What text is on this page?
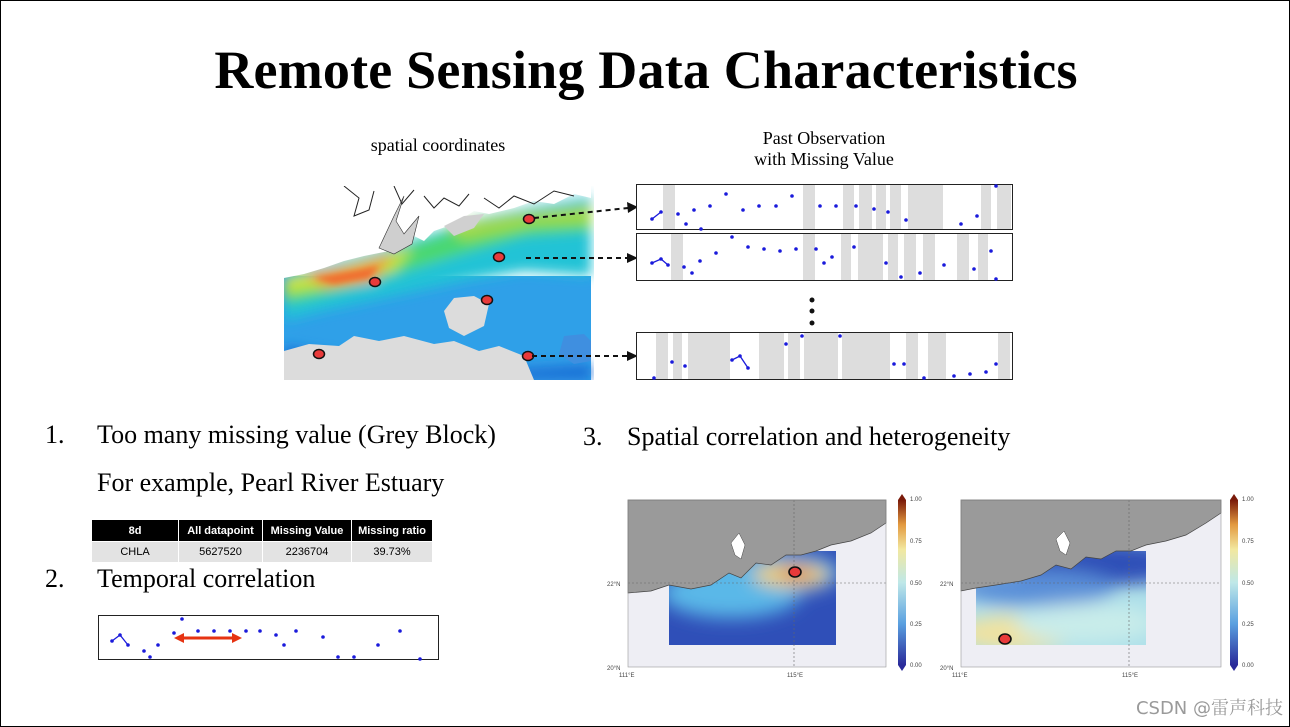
Remote Sensing Data Characteristics
spatial coordinates	Past Observation
with Missing Value
1. Too many missing value (Grey Block)
For example, Pearl River Estuary
8d	All datapoint	Missing Value	Missing ratio
CHLA	5627520	2236704	39.73%
2. Temporal correlation
3. Spatial correlation and heterogeneity
1.00
0.75
0.50
0.25
0.00
22°N
20°N
111°E	115°E
1.00
0.75
0.50
0.25
0.00
22°N
20°N
111°E	115°E
CSDN @雷声科技
